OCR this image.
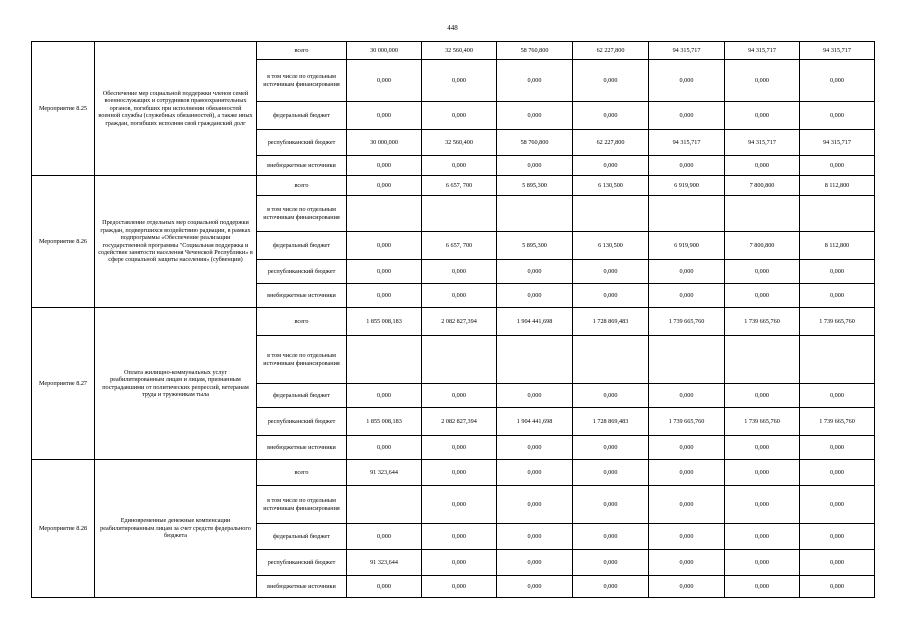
448
Мероприятие 8.25	Обеспечение мер социальной поддержки членов семей военнослужащих и сотрудников правоохранительных органов, погибших при исполнении обязанностей военной службы (служебных обязанностей), а также иных граждан, погибших исполняя свой гражданский долг	всего	30 000,000	32 560,400	58 760,800	62 227,800	94 315,717	94 315,717	94 315,717
		в том числе по отдельным источникам финансирования	0,000	0,000	0,000	0,000	0,000	0,000	0,000
		федеральный бюджет	0,000	0,000	0,000	0,000	0,000	0,000	0,000
		республиканский бюджет	30 000,000	32 560,400	58 760,800	62 227,800	94 315,717	94 315,717	94 315,717
		внебюджетные источники	0,000	0,000	0,000	0,000	0,000	0,000	0,000
Мероприятие 8.26	Предоставление отдельных мер социальной поддержки граждан, подвергшихся воздействию радиации, в рамках подпрограммы «Обеспечение реализации государственной программы "Социальная поддержка и содействие занятости населения Чеченской Республики» в сфере социальной защиты населения» (субвенции)	всего	0,000	6 657, 700	5 895,300	6 130,500	6 919,900	7 800,800	8 112,800
		в том числе по отдельным источникам финансирования							
		федеральный бюджет	0,000	6 657, 700	5 895,300	6 130,500	6 919,900	7 800,800	8 112,800
		республиканский бюджет	0,000	0,000	0,000	0,000	0,000	0,000	0,000
		внебюджетные источники	0,000	0,000	0,000	0,000	0,000	0,000	0,000
Мероприятие 8.27	Оплата жилищно-коммунальных услуг реабилитированным лицам и лицам, признанным пострадавшими от политических репрессий, ветеранам труда и труженикам тыла	всего	1 855 008,183	2 082 827,394	1 904 441,698	1 728 869,483	1 739 665,760	1 739 665,760	1 739 665,760
		в том числе по отдельным источникам финансирования							
		федеральный бюджет	0,000	0,000	0,000	0,000	0,000	0,000	0,000
		республиканский бюджет	1 855 008,183	2 082 827,394	1 904 441,698	1 728 869,483	1 739 665,760	1 739 665,760	1 739 665,760
		внебюджетные источники	0,000	0,000	0,000	0,000	0,000	0,000	0,000
Мероприятие 8.28	Единовременные денежные компенсации реабилитированным лицам за счет средств федерального бюджета	всего	91 323,644	0,000	0,000	0,000	0,000	0,000	0,000
		в том числе по отдельным источникам финансирования		0,000	0,000	0,000	0,000	0,000	0,000
		федеральный бюджет	0,000	0,000	0,000	0,000	0,000	0,000	0,000
		республиканский бюджет	91 323,644	0,000	0,000	0,000	0,000	0,000	0,000
		внебюджетные источники	0,000	0,000	0,000	0,000	0,000	0,000	0,000
